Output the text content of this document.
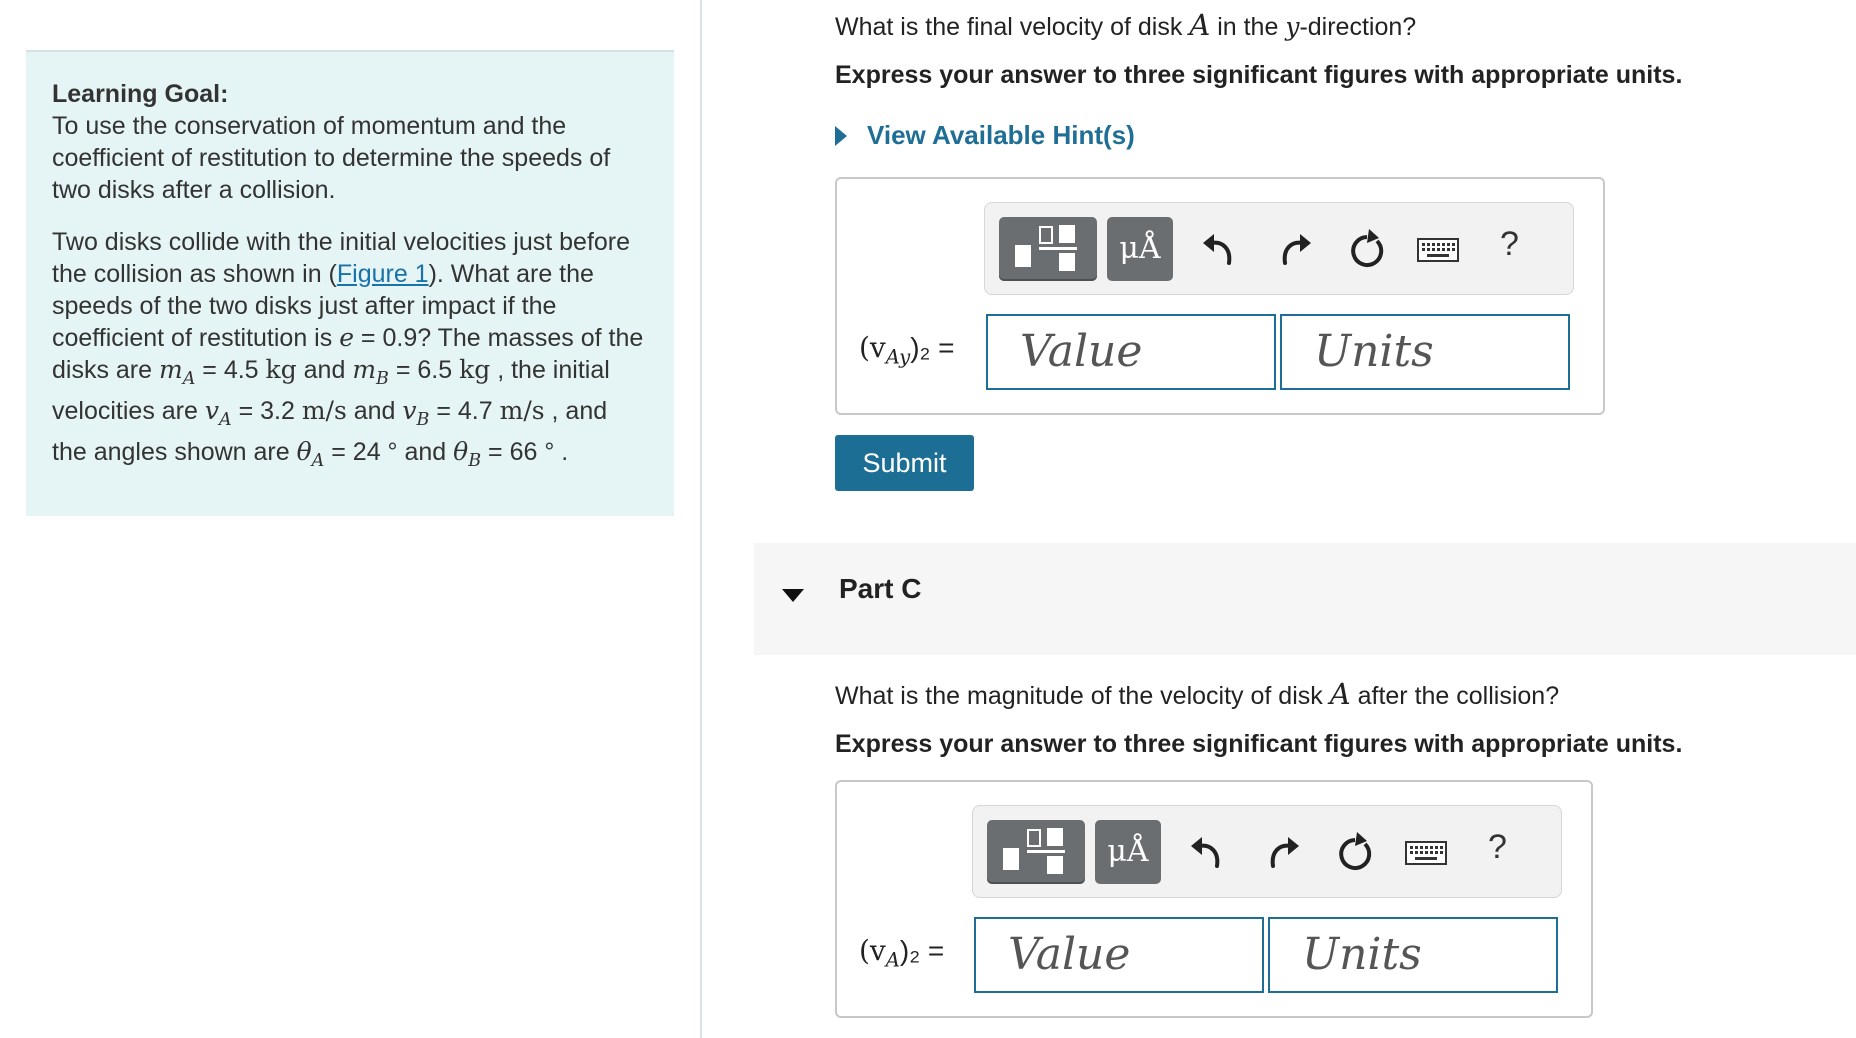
Learning Goal:

To use the conservation of momentum and the coefficient of restitution to determine the speeds of two disks after a collision.

Two disks collide with the initial velocities just before the collision as shown in (Figure 1). What are the speeds of the two disks just after impact if the coefficient of restitution is e = 0.9? The masses of the disks are $m_A = 4.5$ kg and $m_B = 6.5$ kg , the initial velocities are $v_A = 3.2$ m/s and $v_B = 4.7$ m/s , and the angles shown are $\theta_A = 24$ ° and $\theta_B = 66$ ° .

What is the final velocity of disk A in the y-direction?
Express your answer to three significant figures with appropriate units.
View Available Hint(s)
μÅ	?
$(v_{Ay})_2$ =	Value	Units
Submit
Part C
What is the magnitude of the velocity of disk A after the collision?
Express your answer to three significant figures with appropriate units.
μÅ	?
$(v_A)_2$ =	Value	Units
